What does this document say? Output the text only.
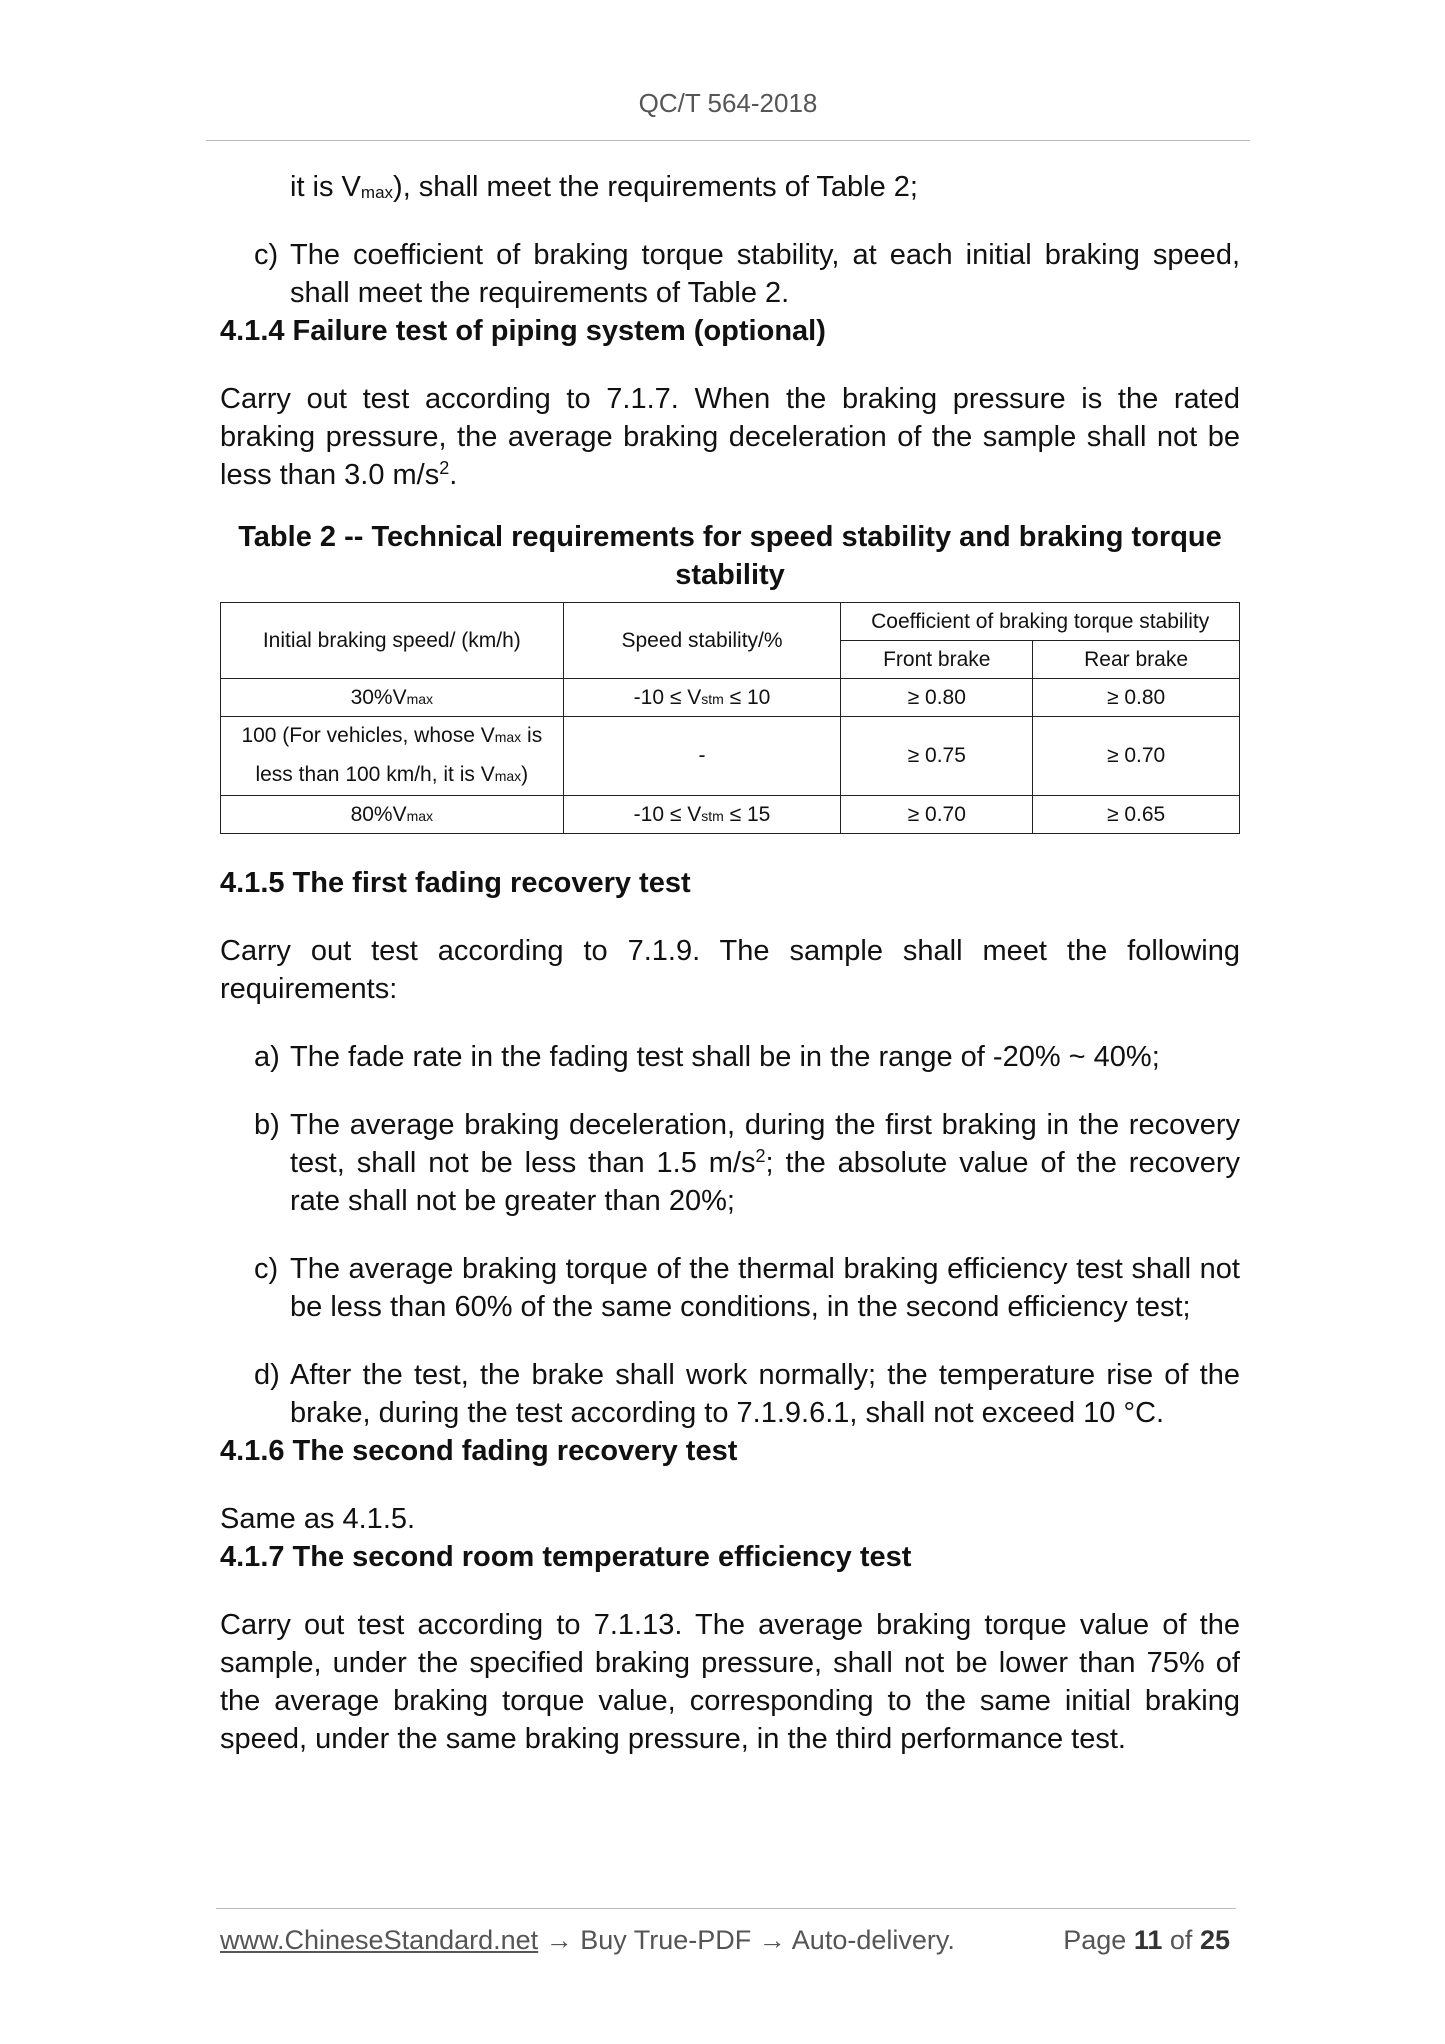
QC/T 564-2018

it is $V_{max}$), shall meet the requirements of Table 2;

c) The coefficient of braking torque stability, at each initial braking speed, shall meet the requirements of Table 2.
4.1.4 Failure test of piping system (optional)

Carry out test according to 7.1.7. When the braking pressure is the rated braking pressure, the average braking deceleration of the sample shall not be less than 3.0 $m/s^2$.

Table 2 -- Technical requirements for speed stability and braking torque stability
Initial braking speed/ (km/h)	Speed stability/%	Coefficient of braking torque stability	
		Front brake	Rear brake
30%Vmax	-10 ≤ Vstm ≤ 10	≥ 0.80	≥ 0.80
100 (For vehicles, whose Vmax is
less than 100 km/h, it is Vmax)	-	≥ 0.75	≥ 0.70
80%Vmax	-10 ≤ Vstm ≤ 15	≥ 0.70	≥ 0.65
4.1.5 The first fading recovery test

Carry out test according to 7.1.9. The sample shall meet the following requirements:

a) The fade rate in the fading test shall be in the range of -20% ~ 40%;
b) The average braking deceleration, during the first braking in the recovery test, shall not be less than 1.5 $m/s^2$; the absolute value of the recovery rate shall not be greater than 20%;
c) The average braking torque of the thermal braking efficiency test shall not be less than 60% of the same conditions, in the second efficiency test;
d) After the test, the brake shall work normally; the temperature rise of the brake, during the test according to 7.1.9.6.1, shall not exceed 10 °C.
4.1.6 The second fading recovery test

Same as 4.1.5.

4.1.7 The second room temperature efficiency test

Carry out test according to 7.1.13. The average braking torque value of the sample, under the specified braking pressure, shall not be lower than 75% of the average braking torque value, corresponding to the same initial braking speed, under the same braking pressure, in the third performance test.

www.ChineseStandard.net → Buy True-PDF → Auto-delivery.	Page 11 of 25
